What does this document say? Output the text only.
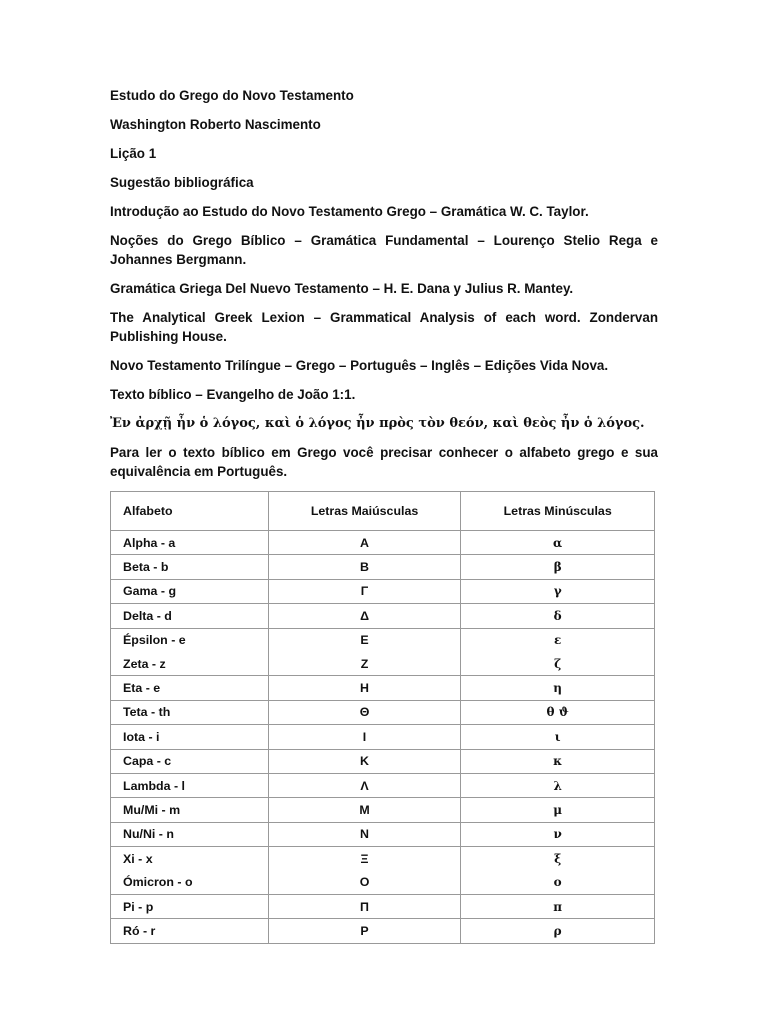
Estudo do Grego do Novo Testamento

Washington Roberto Nascimento

Lição 1

Sugestão bibliográfica

Introdução ao Estudo do Novo Testamento Grego – Gramática W. C. Taylor.

Noções do Grego Bíblico – Gramática Fundamental – Lourenço Stelio Rega e Johannes Bergmann.

Gramática Griega Del Nuevo Testamento – H. E. Dana y Julius R. Mantey.

The Analytical Greek Lexion – Grammatical Analysis of each word. Zondervan Publishing House.

Novo Testamento Trilíngue – Grego – Português – Inglês – Edições Vida Nova.

Texto bíblico – Evangelho de João 1:1.

Ἐν ἀρχῇ ἦν ὁ λόγος, καὶ ὁ λόγος ἦν πρὸς τὸν θεόν, καὶ θεὸς ἦν ὁ λόγος.

Para ler o texto bíblico em Grego você precisar conhecer o alfabeto grego e sua equivalência em Português.

Alfabeto	Letras Maiúsculas	Letras Minúsculas
Alpha - a	Α	α
Beta - b	Β	β
Gama - g	Γ	γ
Delta - d	Δ	δ
Épsilon - e	Ε	ε
Zeta - z	Ζ	ζ
Eta - e	Η	η
Teta - th	Θ	θ ϑ
Iota - i	Ι	ι
Capa - c	Κ	κ
Lambda - l	Λ	λ
Mu/Mi - m	Μ	μ
Nu/Ni - n	Ν	ν
Xi - x	Ξ	ξ
Ómicron - o	Ο	ο
Pi - p	Π	π
Ró - r	Ρ	ρ
